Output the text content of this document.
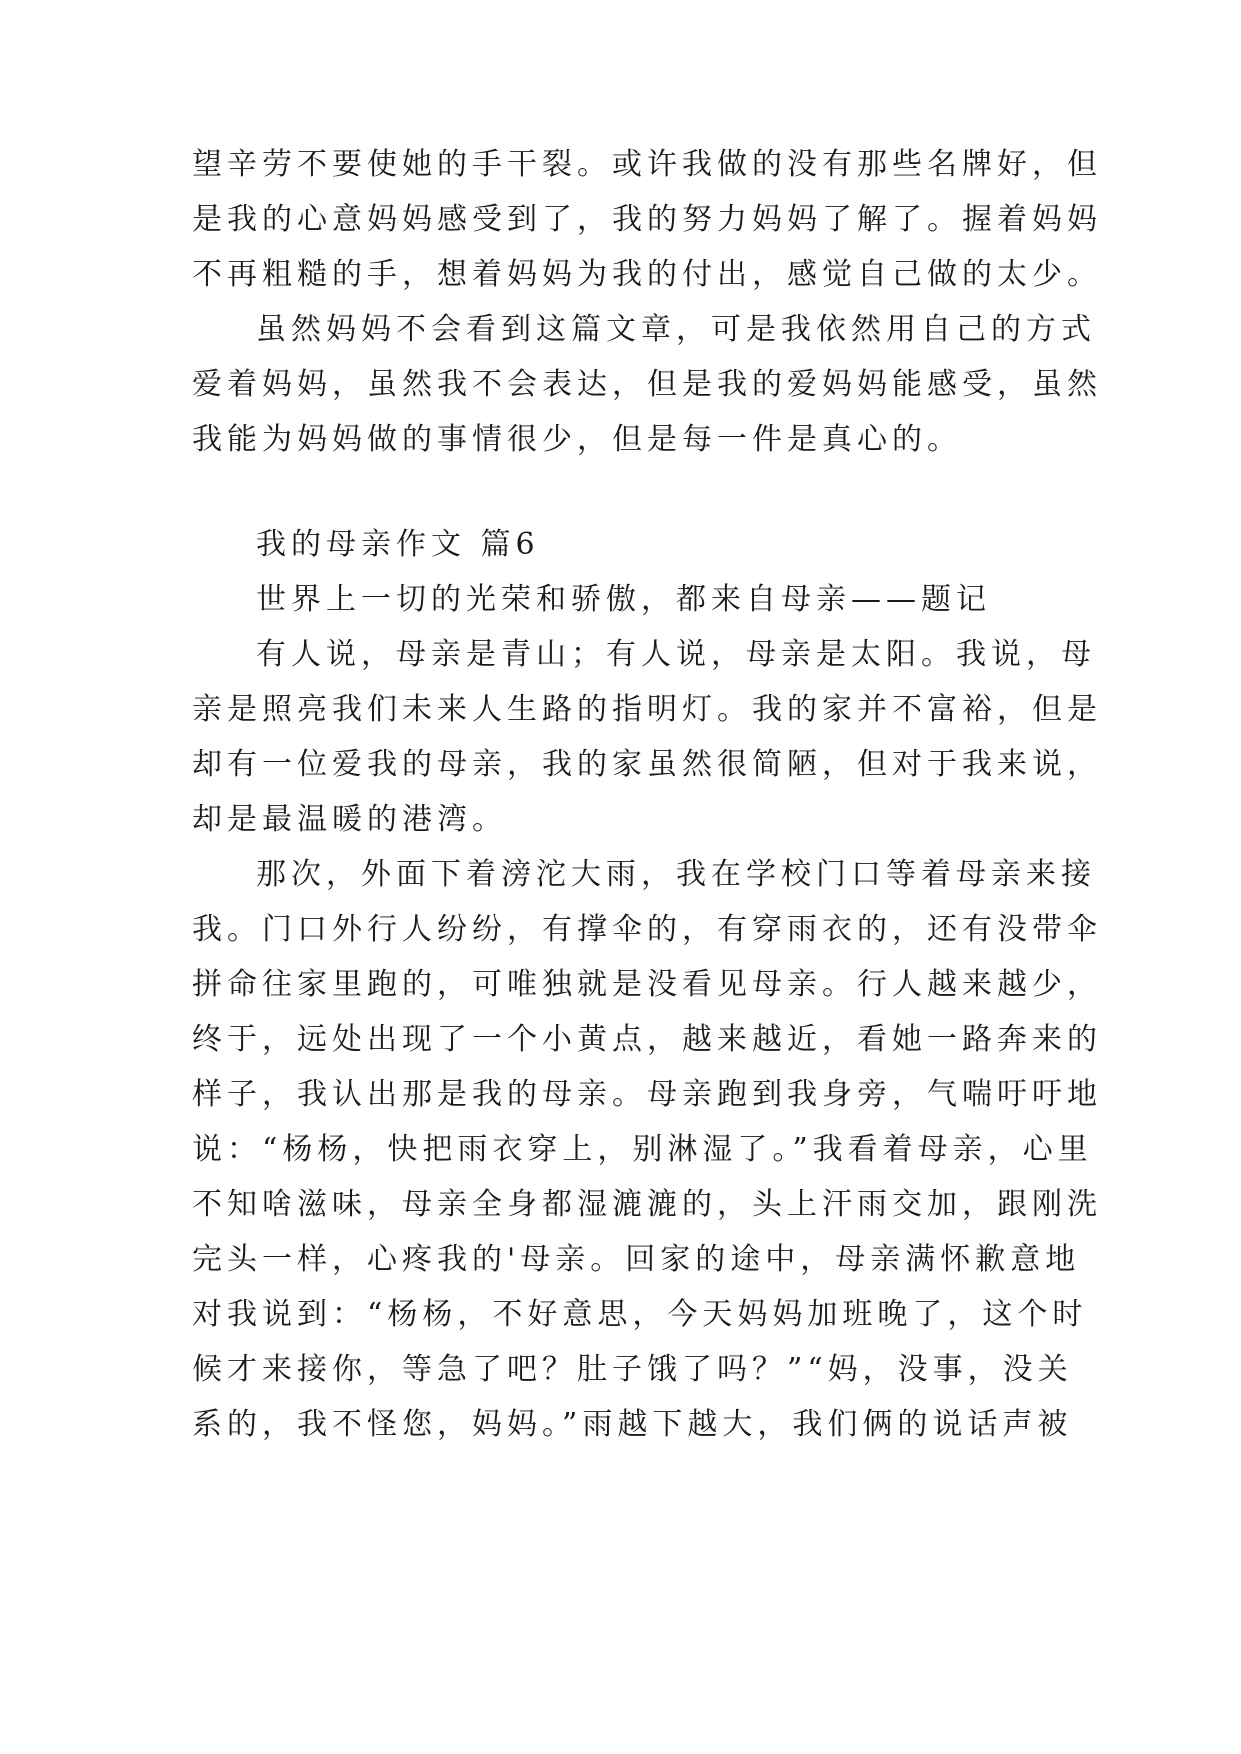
望辛劳不要使她的手干裂。或许我做的没有那些名牌好，但
是我的心意妈妈感受到了，我的努力妈妈了解了。握着妈妈
不再粗糙的手，想着妈妈为我的付出，感觉自己做的太少。
虽然妈妈不会看到这篇文章，可是我依然用自己的方式
爱着妈妈，虽然我不会表达，但是我的爱妈妈能感受，虽然
我能为妈妈做的事情很少，但是每一件是真心的。
我的母亲作文 篇6
世界上一切的光荣和骄傲，都来自母亲——题记
有人说，母亲是青山；有人说，母亲是太阳。我说，母
亲是照亮我们未来人生路的指明灯。我的家并不富裕，但是
却有一位爱我的母亲，我的家虽然很简陋，但对于我来说，
却是最温暖的港湾。
那次，外面下着滂沱大雨，我在学校门口等着母亲来接
我。门口外行人纷纷，有撑伞的，有穿雨衣的，还有没带伞
拼命往家里跑的，可唯独就是没看见母亲。行人越来越少，
终于，远处出现了一个小黄点，越来越近，看她一路奔来的
样子，我认出那是我的母亲。母亲跑到我身旁，气喘吁吁地
说：“杨杨，快把雨衣穿上，别淋湿了。”我看着母亲，心里
不知啥滋味，母亲全身都湿漉漉的，头上汗雨交加，跟刚洗
完头一样，心疼我的'母亲。回家的途中，母亲满怀歉意地
对我说到：“杨杨，不好意思，今天妈妈加班晚了，这个时
候才来接你，等急了吧？肚子饿了吗？”“妈，没事，没关
系的，我不怪您，妈妈。”雨越下越大，我们俩的说话声被
